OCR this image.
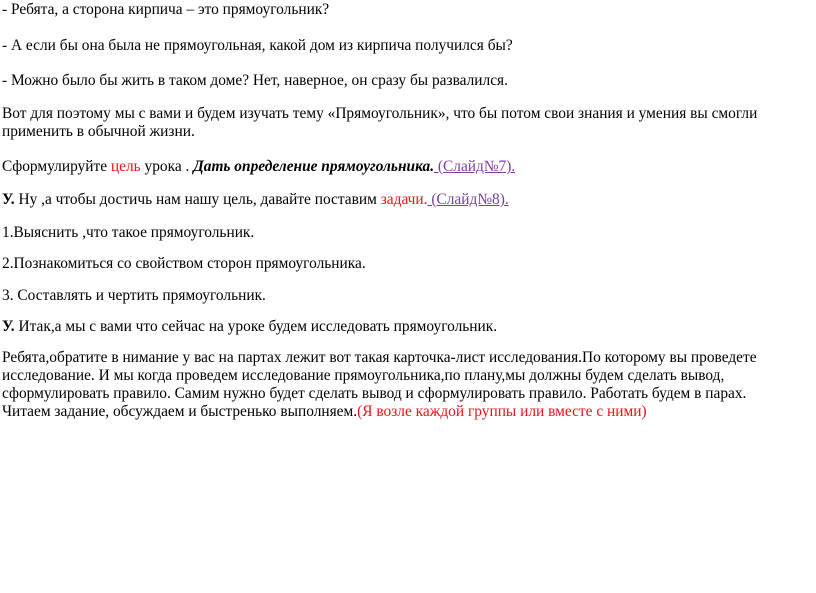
- Ребята, а сторона кирпича – это прямоугольник?
- А если бы она была не прямоугольная, какой дом из кирпича получился бы?
- Можно было бы жить в таком доме? Нет, наверное, он сразу бы развалился.
Вот для поэтому мы с вами и будем изучать тему «Прямоугольник», что бы потом свои знания и умения вы смогли применить в обычной жизни.
Сформулируйте цель урока . Дать определение прямоугольника. (Слайд№7).
У. Ну ,а чтобы достичь нам нашу цель, давайте поставим задачи. (Слайд№8).
1.Выяснить ,что такое прямоугольник.
2.Познакомиться со свойством сторон прямоугольника.
3. Составлять и чертить прямоугольник.
У. Итак,а мы с вами что сейчас на уроке будем исследовать прямоугольник.
Ребята,обратите в нимание у вас на партах лежит вот такая карточка-лист исследования.По которому вы проведете исследование. И мы когда проведем исследование прямоугольника,по плану,мы должны будем сделать вывод, сформулировать правило. Самим нужно будет сделать вывод и сформулировать правило. Работать будем в парах. Читаем задание, обсуждаем и быстренько выполняем.(Я возле каждой группы или вместе с ними)
